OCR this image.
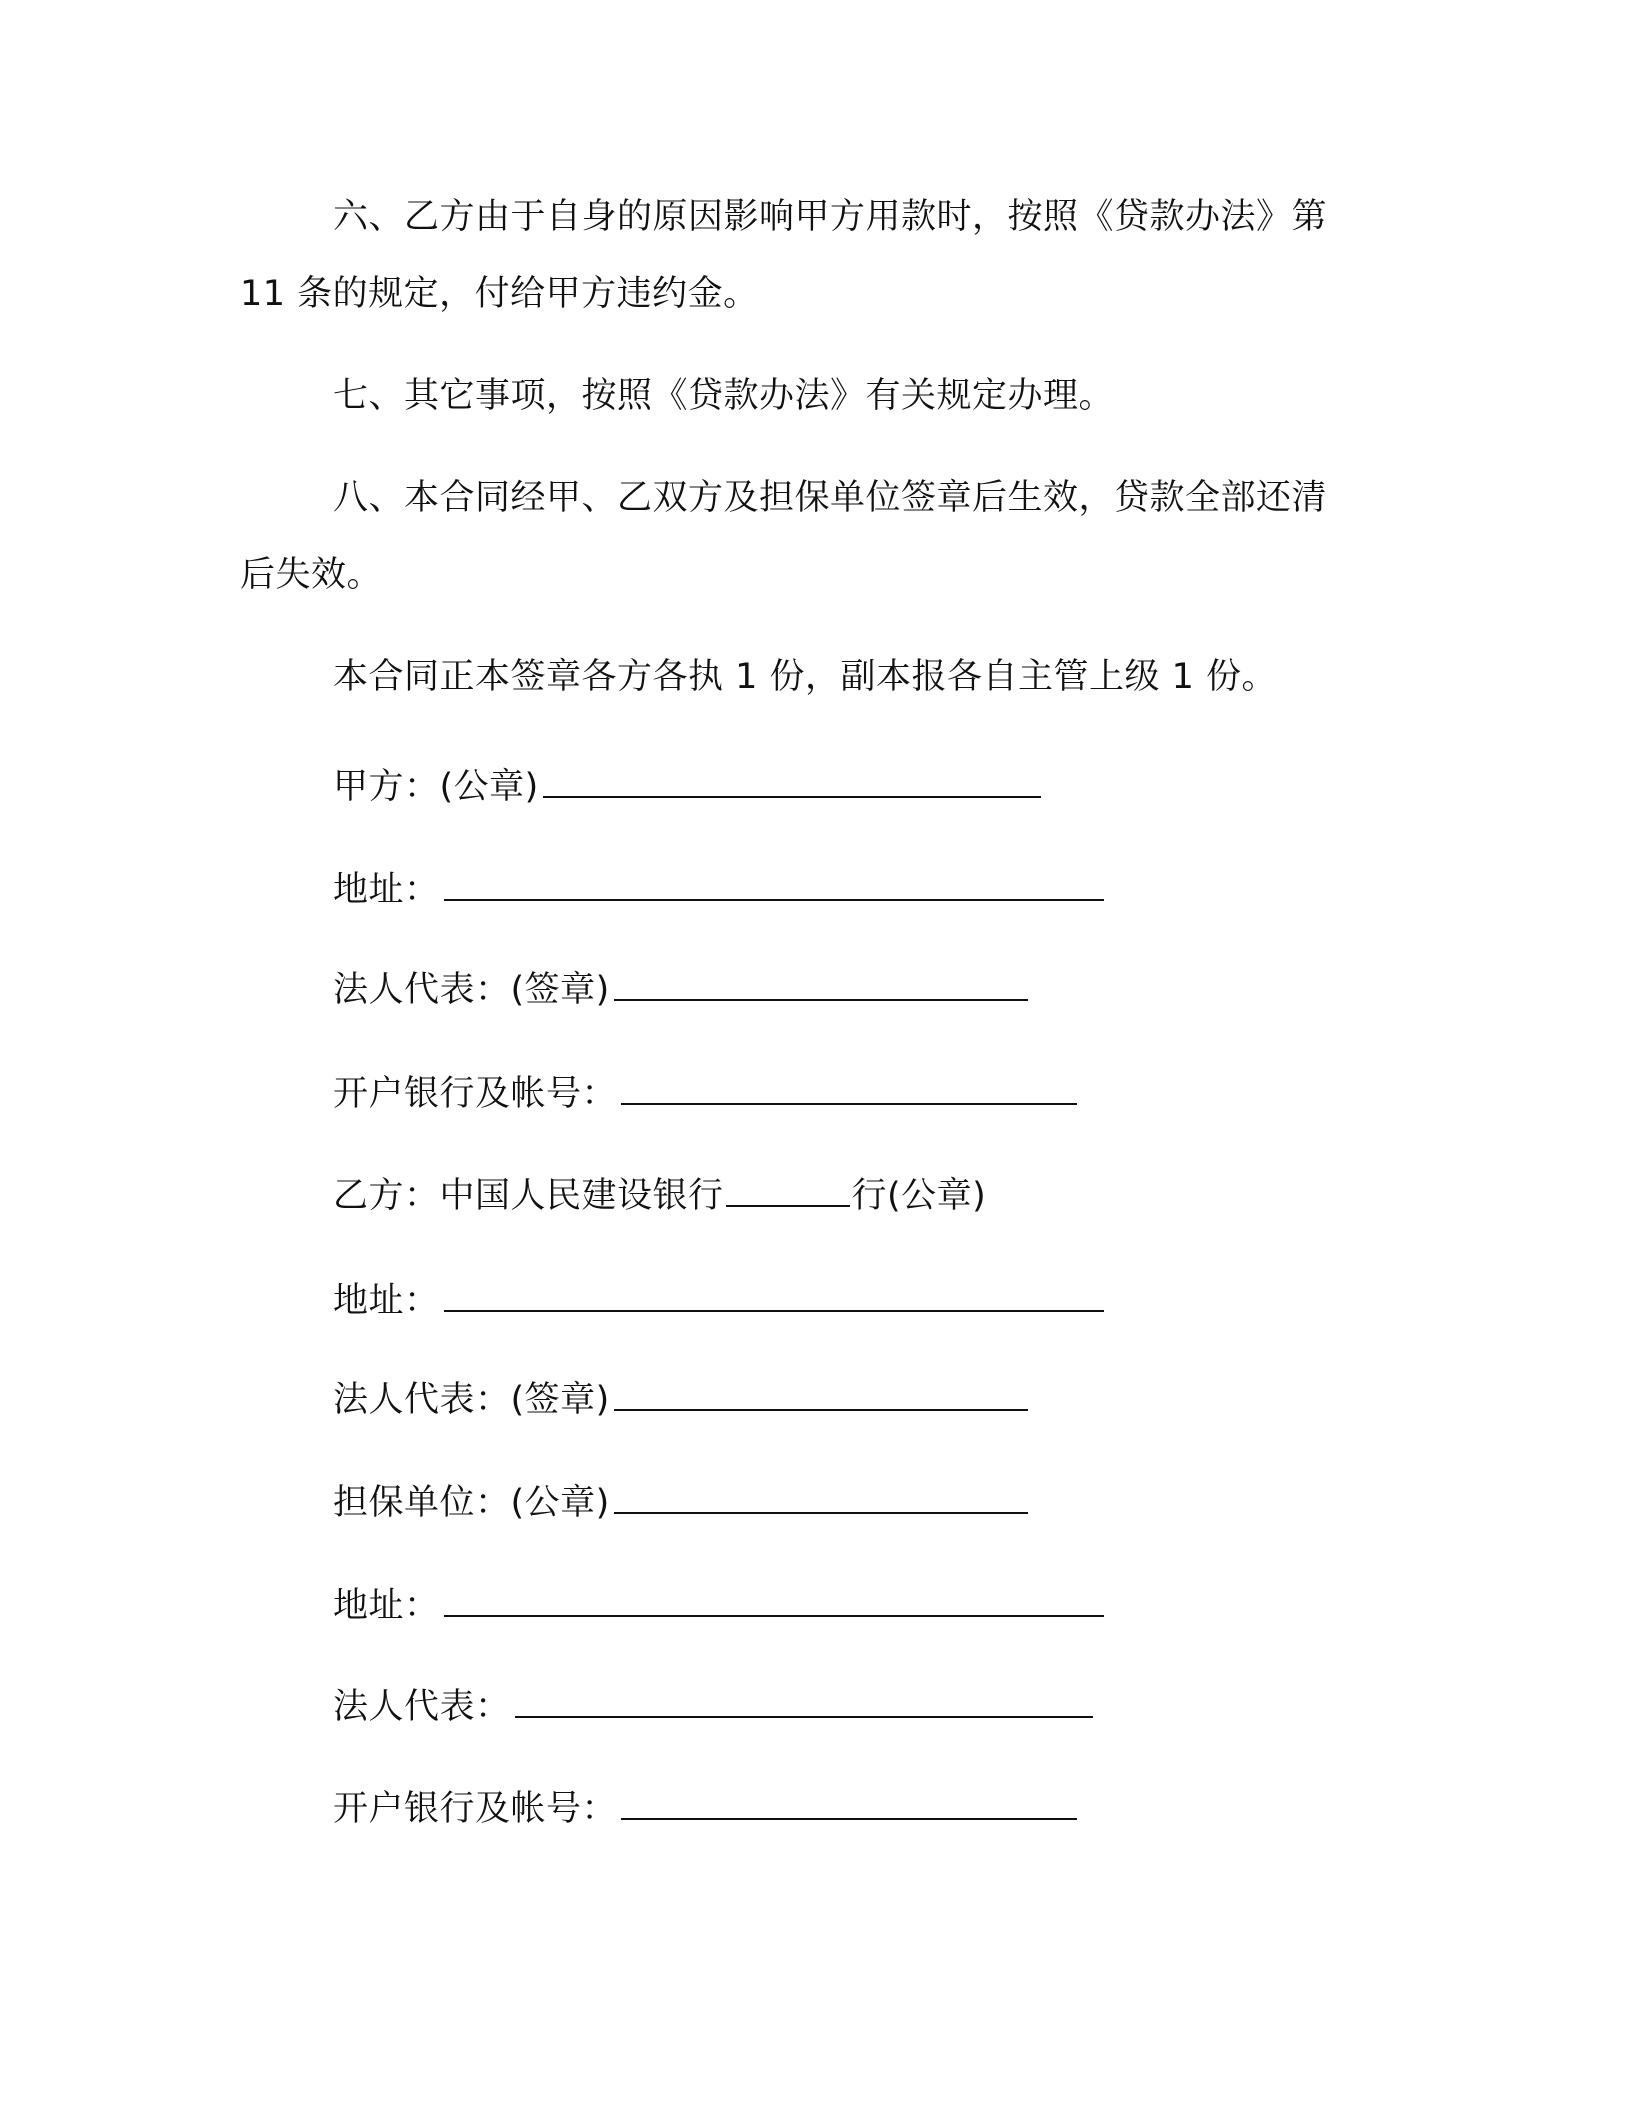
六、乙方由于自身的原因影响甲方用款时，按照《贷款办法》第
11 条的规定，付给甲方违约金。
七、其它事项，按照《贷款办法》有关规定办理。
八、本合同经甲、乙双方及担保单位签章后生效，贷款全部还清
后失效。
本合同正本签章各方各执 1 份，副本报各自主管上级 1 份。
甲方：(公章)
地址：
法人代表：(签章)
开户银行及帐号：
乙方：中国人民建设银行	行(公章)
地址：
法人代表：(签章)
担保单位：(公章)
地址：
法人代表：
开户银行及帐号：
